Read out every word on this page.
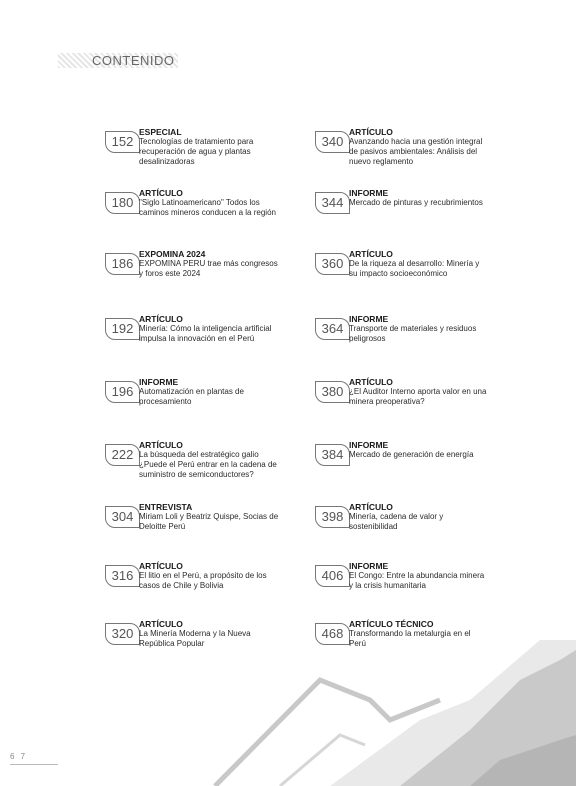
CONTENIDO
152
ESPECIAL
Tecnologías de tratamiento para recuperación de agua y plantas desalinizadoras
180
ARTÍCULO
"Siglo Latinoamericano" Todos los caminos mineros conducen a la región
186
EXPOMINA 2024
EXPOMINA PERU trae más congresos y foros este 2024
192
ARTÍCULO
Minería: Cómo la inteligencia artificial impulsa la innovación en el Perú
196
INFORME
Automatización en plantas de procesamiento
222
ARTÍCULO
La búsqueda del estratégico galio ¿Puede el Perú entrar en la cadena de suministro de semiconductores?
304
ENTREVISTA
Miriam Loli y Beatriz Quispe, Socias de Deloitte Perú
316
ARTÍCULO
El litio en el Perú, a propósito de los casos de Chile y Bolivia
320
ARTÍCULO
La Minería Moderna y la Nueva República Popular
340
ARTÍCULO
Avanzando hacia una gestión integral de pasivos ambientales: Análisis del nuevo reglamento
344
INFORME
Mercado de pinturas y recubrimientos
360
ARTÍCULO
De la riqueza al desarrollo: Minería y su impacto socioeconómico
364
INFORME
Transporte de materiales y residuos peligrosos
380
ARTÍCULO
¿El Auditor Interno aporta valor en una minera preoperativa?
384
INFORME
Mercado de generación de energía
398
ARTÍCULO
Minería, cadena de valor y sostenibilidad
406
INFORME
El Congo: Entre la abundancia minera y la crisis humanitaria
468
ARTÍCULO TÉCNICO
Transformando la metalurgia en el Perú
6 7
